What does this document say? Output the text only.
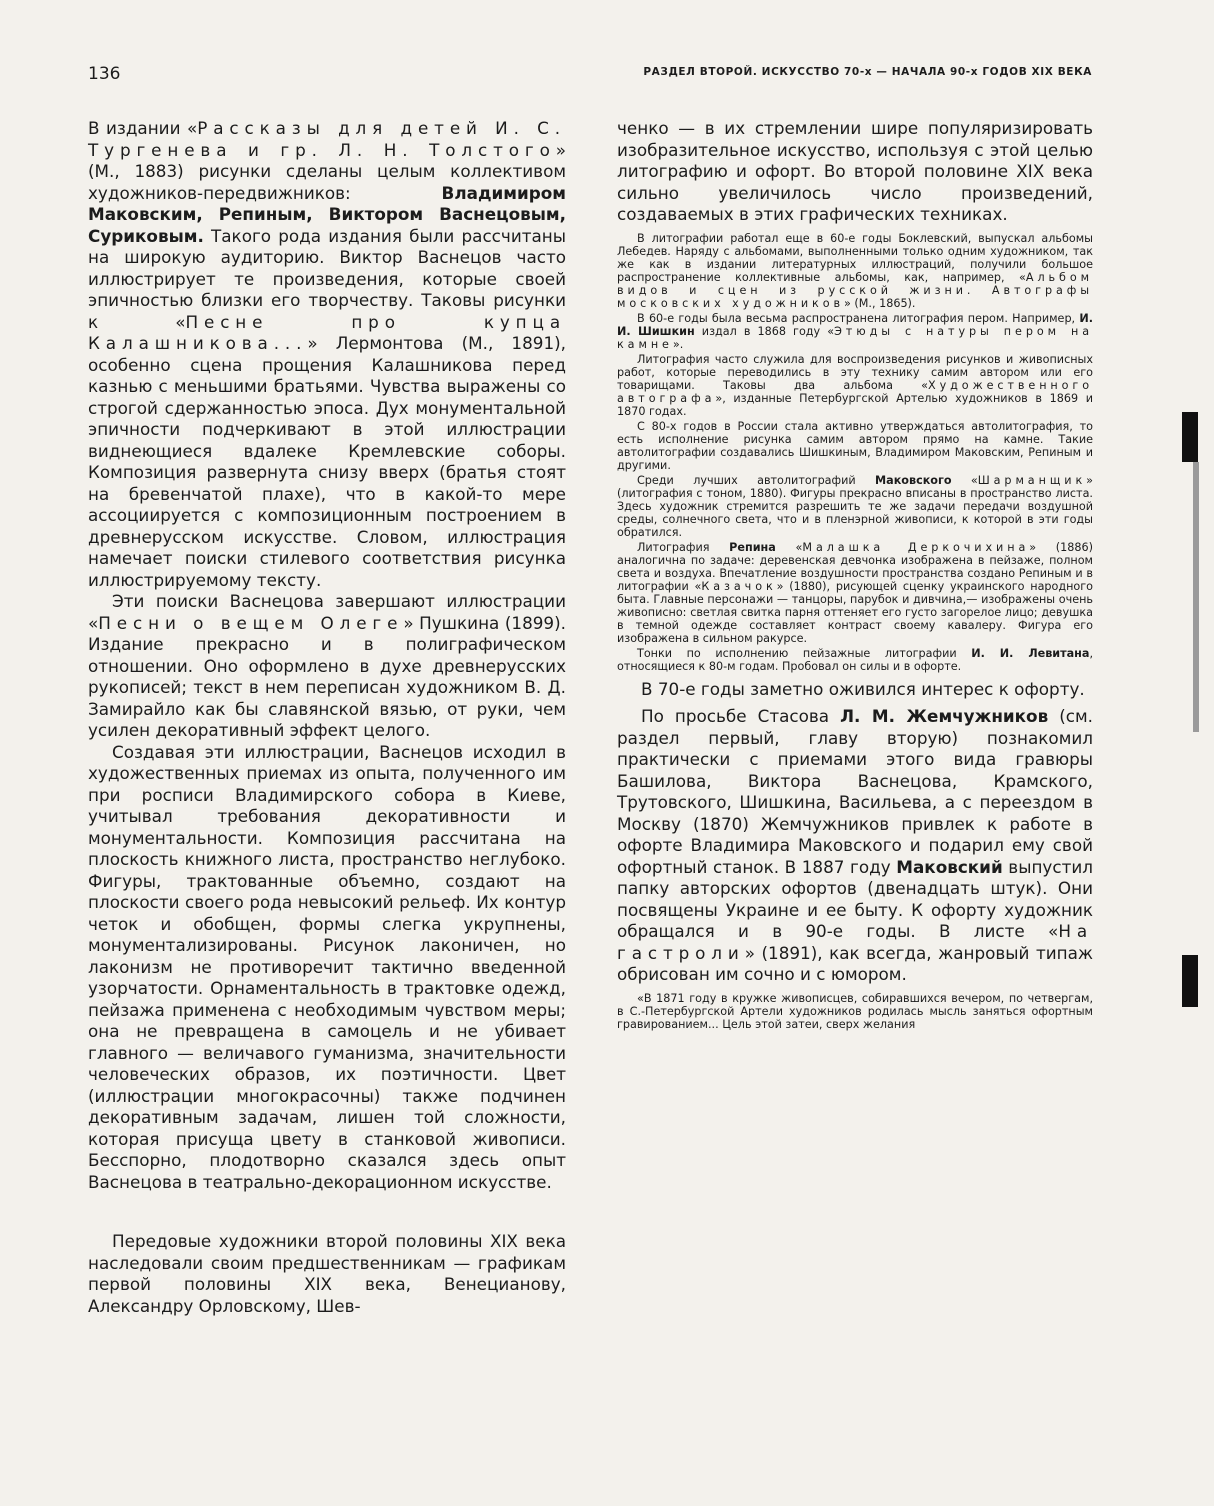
136	РАЗДЕЛ ВТОРОЙ. ИСКУССТВО 70-х — НАЧАЛА 90-х ГОДОВ XIX ВЕКА

В издании «Рассказы для детей И. С. Тургенева и гр. Л. Н. Толстого» (М., 1883) рисунки сделаны целым коллективом художников-передвижников: Владимиром Маковским, Репиным, Виктором Васнецовым, Суриковым. Такого рода издания были рассчитаны на широкую аудиторию. Виктор Васнецов часто иллюстрирует те произведения, которые своей эпичностью близки его творчеству. Таковы рисунки к «Песне про купца Калашникова...» Лермонтова (М., 1891), особенно сцена прощения Калашникова перед казнью с меньшими братьями. Чувства выражены со строгой сдержанностью эпоса. Дух монументальной эпичности подчеркивают в этой иллюстрации виднеющиеся вдалеке Кремлевские соборы. Композиция развернута снизу вверх (братья стоят на бревенчатой плахе), что в какой-то мере ассоциируется с композиционным построением в древнерусском искусстве. Словом, иллюстрация намечает поиски стилевого соответствия рисунка иллюстрируемому тексту.

Эти поиски Васнецова завершают иллюстрации «Песни о вещем Олеге» Пушкина (1899). Издание прекрасно и в полиграфическом отношении. Оно оформлено в духе древнерусских рукописей; текст в нем переписан художником В. Д. Замирайло как бы славянской вязью, от руки, чем усилен декоративный эффект целого.

Создавая эти иллюстрации, Васнецов исходил в художественных приемах из опыта, полученного им при росписи Владимирского собора в Киеве, учитывал требования декоративности и монументальности. Композиция рассчитана на плоскость книжного листа, пространство неглубоко. Фигуры, трактованные объемно, создают на плоскости своего рода невысокий рельеф. Их контур четок и обобщен, формы слегка укрупнены, монументализированы. Рисунок лаконичен, но лаконизм не противоречит тактично введенной узорчатости. Орнаментальность в трактовке одежд, пейзажа применена с необходимым чувством меры; она не превращена в самоцель и не убивает главного — величавого гуманизма, значительности человеческих образов, их поэтичности. Цвет (иллюстрации многокрасочны) также подчинен декоративным задачам, лишен той сложности, которая присуща цвету в станковой живописи. Бесспорно, плодотворно сказался здесь опыт Васнецова в театрально-декорационном искусстве.

Передовые художники второй половины XIX века наследовали своим предшественникам — графикам первой половины XIX века, Венецианову, Александру Орловскому, Шев-

ченко — в их стремлении шире популяризировать изобразительное искусство, используя с этой целью литографию и офорт. Во второй половине XIX века сильно увеличилось число произведений, создаваемых в этих графических техниках.

В литографии работал еще в 60-е годы Боклевский, выпускал альбомы Лебедев. Наряду с альбомами, выполненными только одним художником, так же как в издании литературных иллюстраций, получили большое распространение коллективные альбомы, как, например, «Альбом видов и сцен из русской жизни. Автографы московских художников» (М., 1865).

В 60-е годы была весьма распространена литография пером. Например, И. И. Шишкин издал в 1868 году «Этюды с натуры пером на камне».

Литография часто служила для воспроизведения рисунков и живописных работ, которые переводились в эту технику самим автором или его товарищами. Таковы два альбома «Художественного автографа», изданные Петербургской Артелью художников в 1869 и 1870 годах.

С 80-х годов в России стала активно утверждаться автолитография, то есть исполнение рисунка самим автором прямо на камне. Такие автолитографии создавались Шишкиным, Владимиром Маковским, Репиным и другими.

Среди лучших автолитографий Маковского «Шарманщик» (литография с тоном, 1880). Фигуры прекрасно вписаны в пространство листа. Здесь художник стремится разрешить те же задачи передачи воздушной среды, солнечного света, что и в пленэрной живописи, к которой в эти годы обратился.

Литография Репина «Малашка Деркочихина» (1886) аналогична по задаче: деревенская девчонка изображена в пейзаже, полном света и воздуха. Впечатление воздушности пространства создано Репиным и в литографии «Казачок» (1880), рисующей сценку украинского народного быта. Главные персонажи — танцоры, парубок и дивчина,— изображены очень живописно: светлая свитка парня оттеняет его густо загорелое лицо; девушка в темной одежде составляет контраст своему кавалеру. Фигура его изображена в сильном ракурсе.

Тонки по исполнению пейзажные литографии И. И. Левитана, относящиеся к 80-м годам. Пробовал он силы и в офорте.

В 70-е годы заметно оживился интерес к офорту.

По просьбе Стасова Л. М. Жемчужников (см. раздел первый, главу вторую) познакомил практически с приемами этого вида гравюры Башилова, Виктора Васнецова, Крамского, Трутовского, Шишкина, Васильева, а с переездом в Москву (1870) Жемчужников привлек к работе в офорте Владимира Маковского и подарил ему свой офортный станок. В 1887 году Маковский выпустил папку авторских офортов (двенадцать штук). Они посвящены Украине и ее быту. К офорту художник обращался и в 90-е годы. В листе «На гастроли» (1891), как всегда, жанровый типаж обрисован им сочно и с юмором.

«В 1871 году в кружке живописцев, собиравшихся вечером, по четвергам, в С.-Петербургской Артели художников родилась мысль заняться офортным гравированием... Цель этой затеи, сверх желания
